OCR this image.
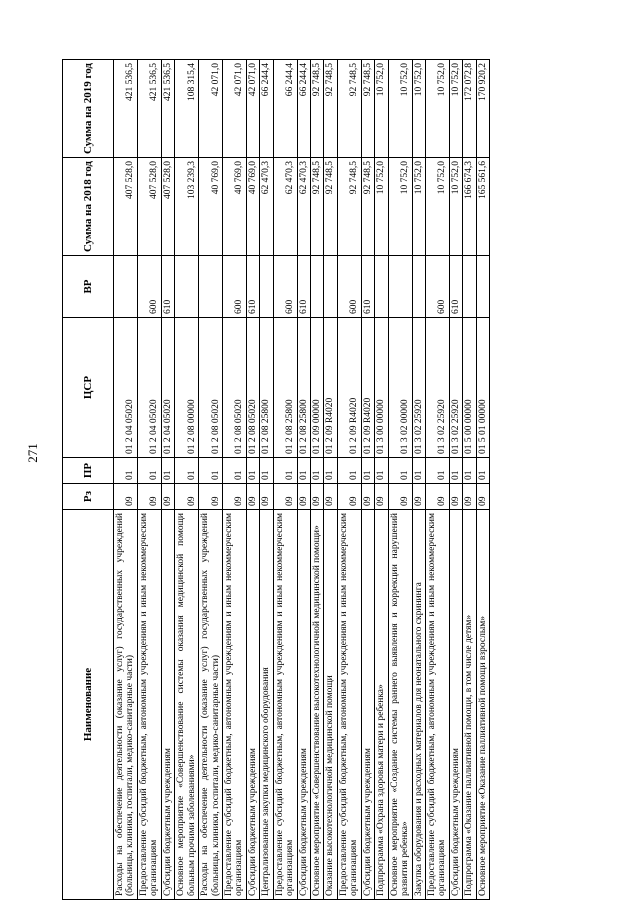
271
Наименование	Рз	ПР	ЦСР	ВР	Сумма на 2018 год	Сумма на 2019 год
Расходы на обеспечение деятельности (оказание услуг) государственных учреждений (больницы, клиники, госпитали, медико-санитарные части)	09	01	01 2 04 05020		407 528,0	421 536,5
Предоставление субсидий бюджетным, автономным учреждениям и иным некоммерческим организациям	09	01	01 2 04 05020	600	407 528,0	421 536,5
Субсидии бюджетным учреждениям	09	01	01 2 04 05020	610	407 528,0	421 536,5
Основное мероприятие «Совершенствование системы оказания медицинской помощи больным прочими заболеваниями»	09	01	01 2 08 00000		103 239,3	108 315,4
Расходы на обеспечение деятельности (оказание услуг) государственных учреждений (больницы, клиники, госпитали, медико-санитарные части)	09	01	01 2 08 05020		40 769,0	42 071,0
Предоставление субсидий бюджетным, автономным учреждениям и иным некоммерческим организациям	09	01	01 2 08 05020	600	40 769,0	42 071,0
Субсидии бюджетным учреждениям	09	01	01 2 08 05020	610	40 769,0	42 071,0
Централизованные закупки медицинского оборудования	09	01	01 2 08 25800		62 470,3	66 244,4
Предоставление субсидий бюджетным, автономным учреждениям и иным некоммерческим организациям	09	01	01 2 08 25800	600	62 470,3	66 244,4
Субсидии бюджетным учреждениям	09	01	01 2 08 25800	610	62 470,3	66 244,4
Основное мероприятие «Совершенствование высокотехнологичной медицинской помощи»	09	01	01 2 09 00000		92 748,5	92 748,5
Оказание высокотехнологичной медицинской помощи	09	01	01 2 09 R4020		92 748,5	92 748,5
Предоставление субсидий бюджетным, автономным учреждениям и иным некоммерческим организациям	09	01	01 2 09 R4020	600	92 748,5	92 748,5
Субсидии бюджетным учреждениям	09	01	01 2 09 R4020	610	92 748,5	92 748,5
Подпрограмма «Охрана здоровья матери и ребенка»	09	01	01 3 00 00000		10 752,0	10 752,0
Основное мероприятие «Создание системы раннего выявления и коррекции нарушений развития ребенка»	09	01	01 3 02 00000		10 752,0	10 752,0
Закупка оборудования и расходных материалов для неонатального скрининга	09	01	01 3 02 25920		10 752,0	10 752,0
Предоставление субсидий бюджетным, автономным учреждениям и иным некоммерческим организациям	09	01	01 3 02 25920	600	10 752,0	10 752,0
Субсидии бюджетным учреждениям	09	01	01 3 02 25920	610	10 752,0	10 752,0
Подпрограмма «Оказание паллиативной помощи, в том числе детям»	09	01	01 5 00 00000		166 674,3	172 072,8
Основное мероприятие «Оказание паллиативной помощи взрослым»	09	01	01 5 01 00000		165 561,6	170 920,2
